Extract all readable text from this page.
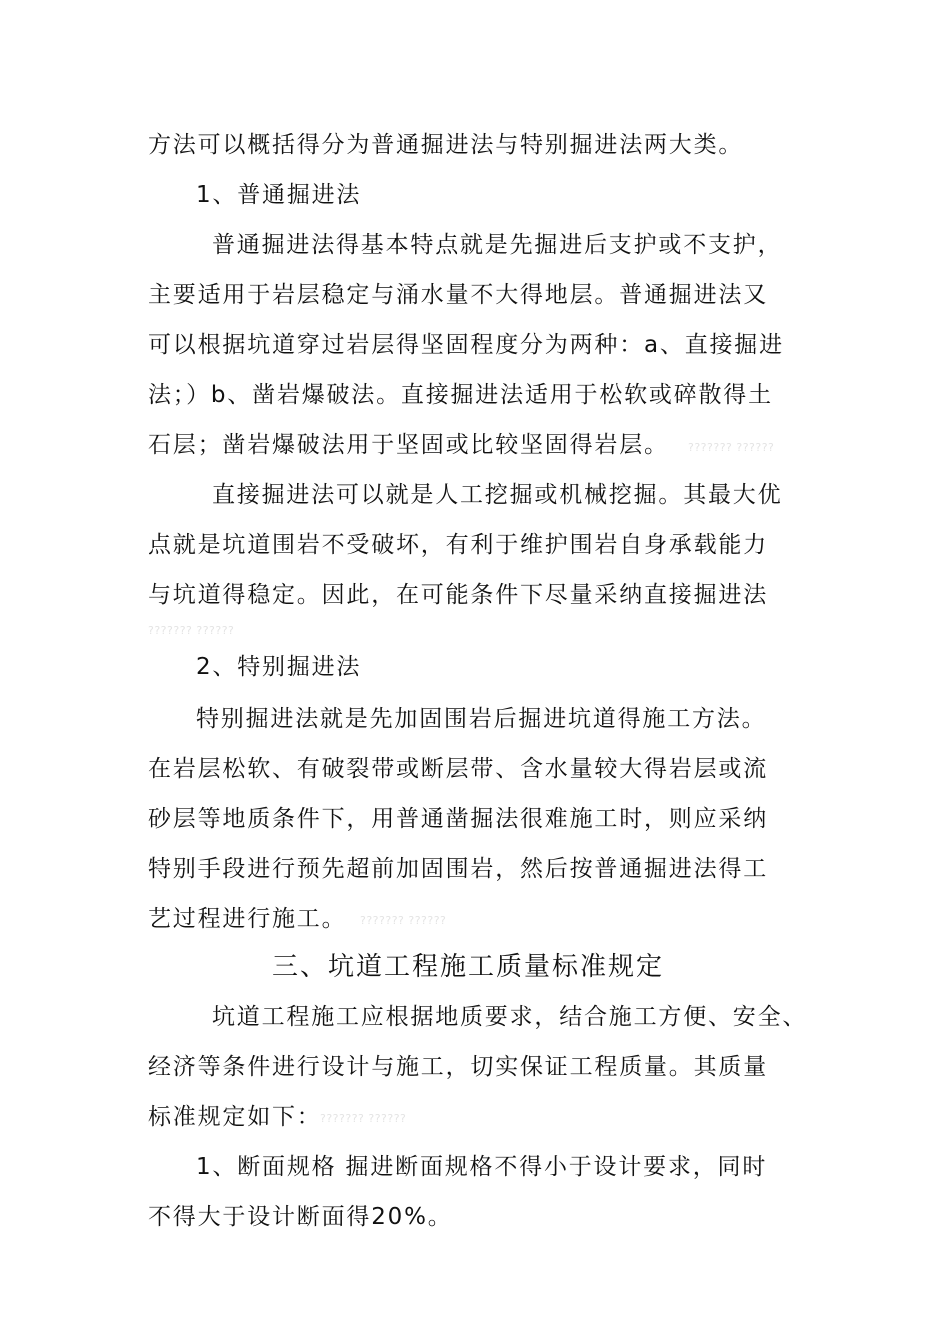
方法可以概括得分为普通掘进法与特别掘进法两大类。
1、普通掘进法
普通掘进法得基本特点就是先掘进后支护或不支护，
主要适用于岩层稳定与涌水量不大得地层。普通掘进法又
可以根据坑道穿过岩层得坚固程度分为两种：a、直接掘进
法；）b、凿岩爆破法。直接掘进法适用于松软或碎散得土
石层；凿岩爆破法用于坚固或比较坚固得岩层。 ??????? ??????
直接掘进法可以就是人工挖掘或机械挖掘。其最大优
点就是坑道围岩不受破坏，有利于维护围岩自身承载能力
与坑道得稳定。因此，在可能条件下尽量采纳直接掘进法
??????? ??????
2、特别掘进法
特别掘进法就是先加固围岩后掘进坑道得施工方法。
在岩层松软、有破裂带或断层带、含水量较大得岩层或流
砂层等地质条件下，用普通凿掘法很难施工时，则应采纳
特别手段进行预先超前加固围岩，然后按普通掘进法得工
艺过程进行施工。 ??????? ??????
三、坑道工程施工质量标准规定
坑道工程施工应根据地质要求，结合施工方便、安全、
经济等条件进行设计与施工，切实保证工程质量。其质量
标准规定如下：
??????? ??????
1、断面规格 掘进断面规格不得小于设计要求，同时
不得大于设计断面得20%。
